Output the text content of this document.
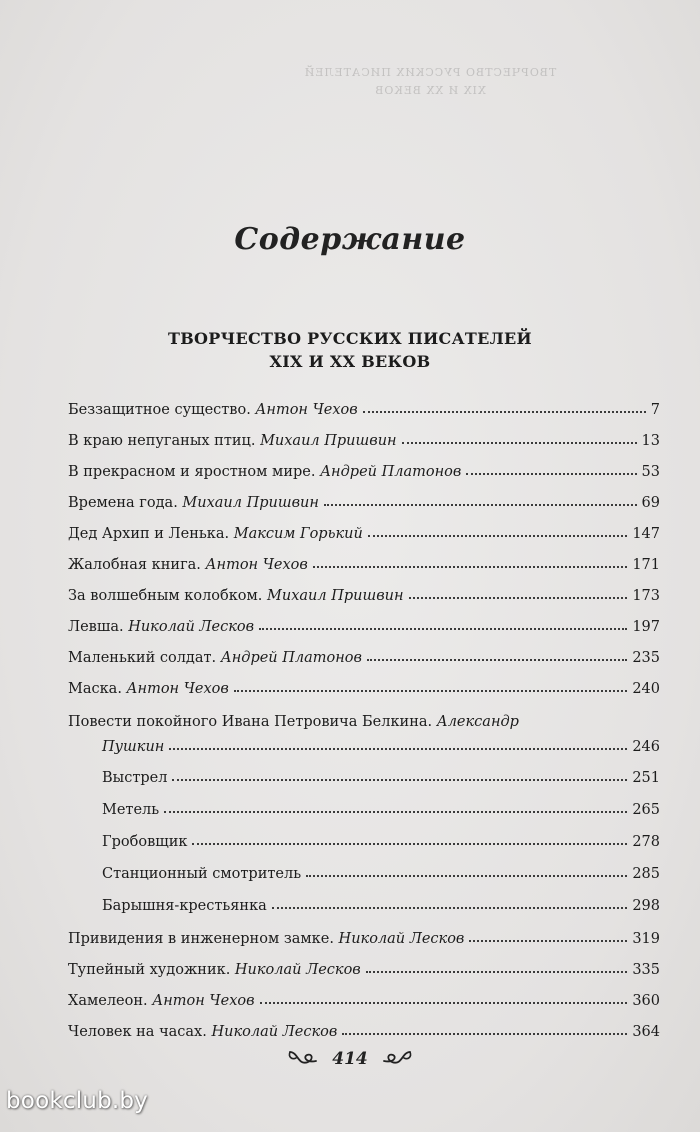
ТВОРЧЕСТВО РУССКИХ ПИСАТЕЛЕЙ
XIX И XX ВЕКОВ
Содержание
ТВОРЧЕСТВО РУССКИХ ПИСАТЕЛЕЙ
XIX И XX ВЕКОВ
Беззащитное существо. Антон Чехов	7
В краю непуганых птиц. Михаил Пришвин	13
В прекрасном и яростном мире. Андрей Платонов	53
Времена года. Михаил Пришвин	69
Дед Архип и Ленька. Максим Горький	147
Жалобная книга. Антон Чехов	171
За волшебным колобком. Михаил Пришвин	173
Левша. Николай Лесков	197
Маленький солдат. Андрей Платонов	235
Маска. Антон Чехов	240
Повести покойного Ивана Петровича Белкина. Александр
Пушкин	246
Выстрел	251
Метель	265
Гробовщик	278
Станционный смотритель	285
Барышня-крестьянка	298
Привидения в инженерном замке. Николай Лесков	319
Тупейный художник. Николай Лесков	335
Хамелеон. Антон Чехов	360
Человек на часах. Николай Лесков	364
414
bookclub.by
